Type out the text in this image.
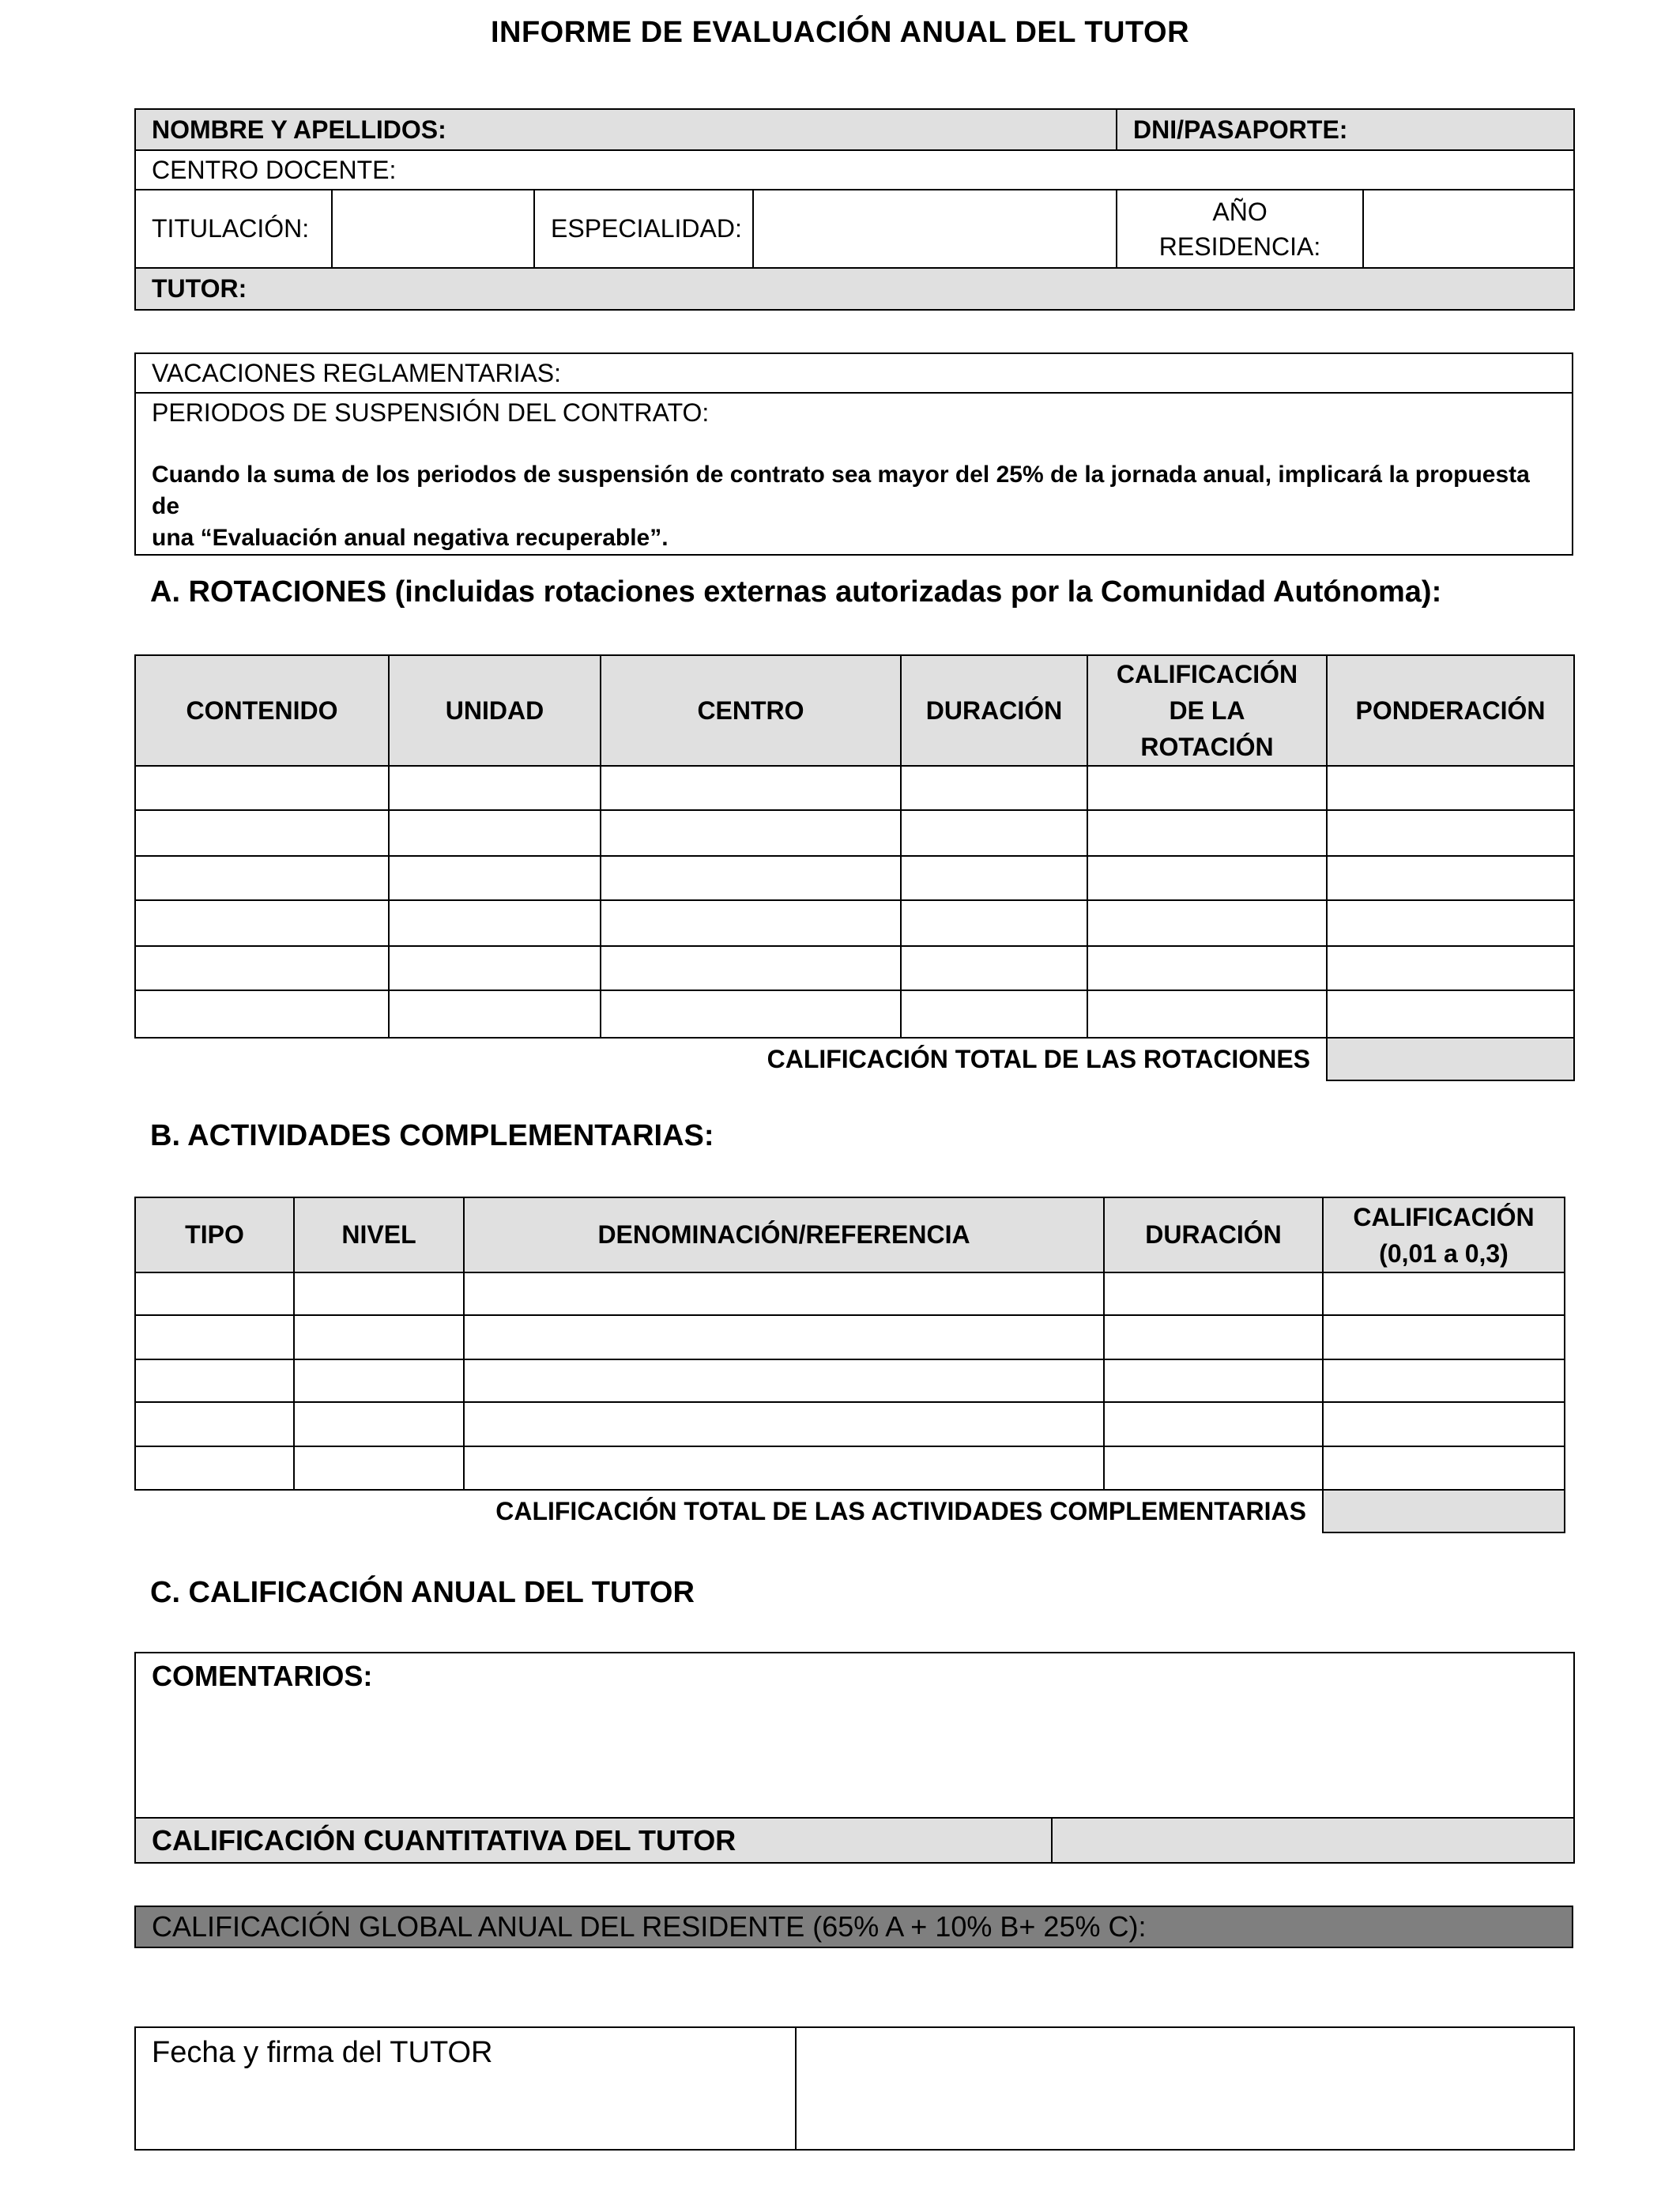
INFORME DE EVALUACIÓN ANUAL DEL TUTOR
NOMBRE Y APELLIDOS:				DNI/PASAPORTE:	
CENTRO DOCENTE:					
TITULACIÓN:		ESPECIALIDAD:		AÑO
RESIDENCIA:	

TUTOR:					
VACACIONES REGLAMENTARIAS:

PERIODOS DE SUSPENSIÓN DEL CONTRATO:
Cuando la suma de los periodos de suspensión de contrato sea mayor del 25% de la jornada anual, implicará la propuesta de
una “Evaluación anual negativa recuperable”.
A. ROTACIONES (incluidas rotaciones externas autorizadas por la Comunidad Autónoma):
CONTENIDO	UNIDAD	CENTRO	DURACIÓN	CALIFICACIÓN
DE LA
ROTACIÓN	PONDERACIÓN

CALIFICACIÓN TOTAL DE LAS ROTACIONES					
B. ACTIVIDADES COMPLEMENTARIAS:
TIPO	NIVEL	DENOMINACIÓN/REFERENCIA	DURACIÓN	CALIFICACIÓN
(0,01 a 0,3)

CALIFICACIÓN TOTAL DE LAS ACTIVIDADES COMPLEMENTARIAS				
C. CALIFICACIÓN ANUAL DEL TUTOR
COMENTARIOS:
CALIFICACIÓN CUANTITATIVA DEL TUTOR	
CALIFICACIÓN GLOBAL ANUAL DEL RESIDENTE (65% A + 10% B+ 25% C):
Fecha y firma del TUTOR	
